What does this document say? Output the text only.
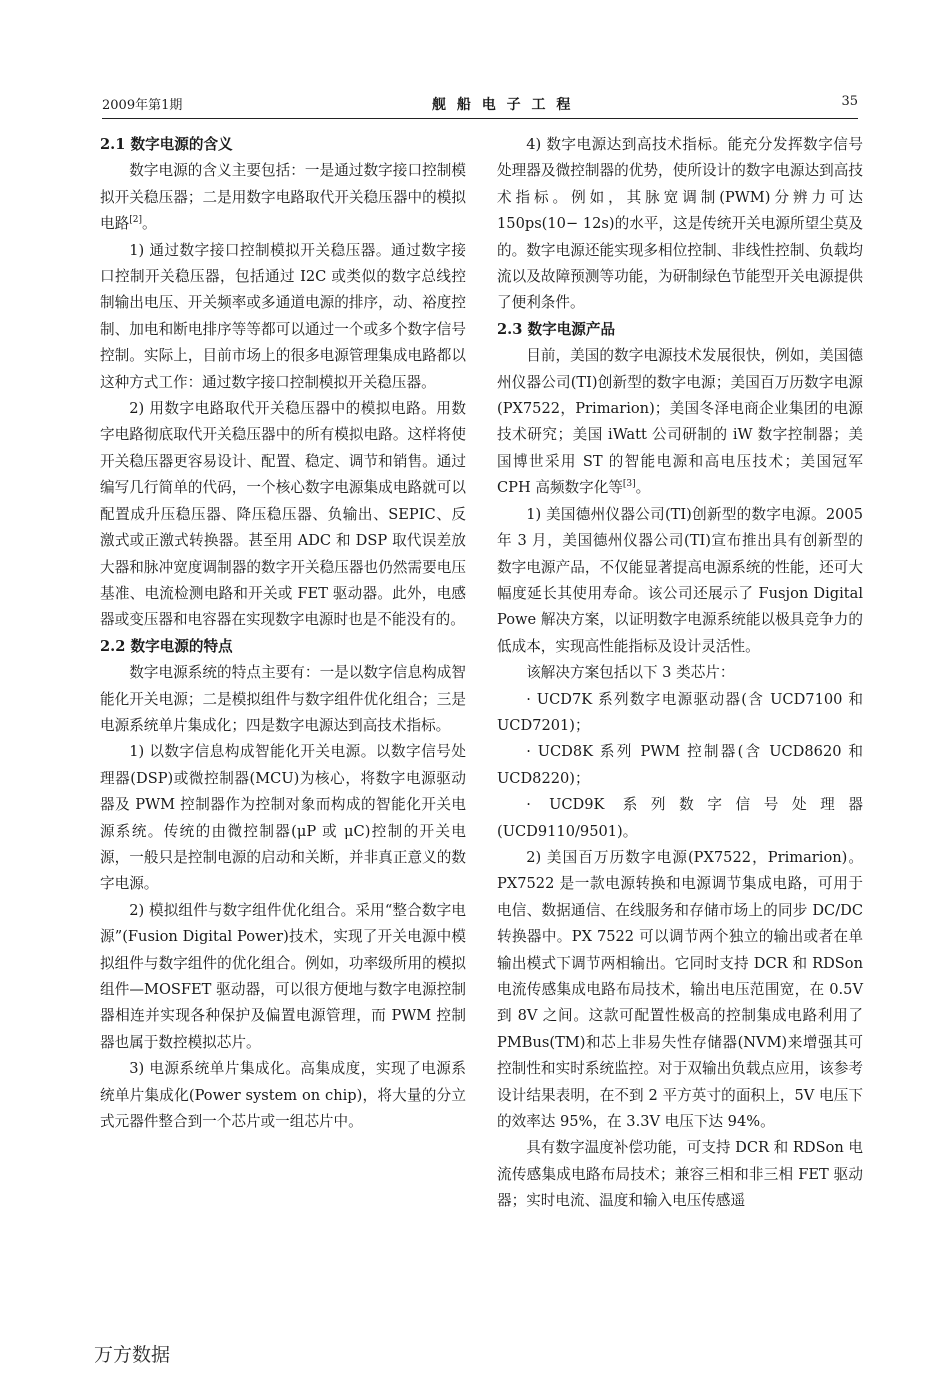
2009年第1期	舰 船 电 子 工 程	35

2.1 数字电源的含义

数字电源的含义主要包括：一是通过数字接口控制模拟开关稳压器；二是用数字电路取代开关稳压器中的模拟电路[2]。

1) 通过数字接口控制模拟开关稳压器。通过数字接口控制开关稳压器，包括通过 I2C 或类似的数字总线控制输出电压、开关频率或多通道电源的排序，动、裕度控制、加电和断电排序等等都可以通过一个或多个数字信号控制。实际上，目前市场上的很多电源管理集成电路都以这种方式工作：通过数字接口控制模拟开关稳压器。

2) 用数字电路取代开关稳压器中的模拟电路。用数字电路彻底取代开关稳压器中的所有模拟电路。这样将使开关稳压器更容易设计、配置、稳定、调节和销售。通过编写几行简单的代码，一个核心数字电源集成电路就可以配置成升压稳压器、降压稳压器、负输出、SEPIC、反激式或正激式转换器。甚至用 ADC 和 DSP 取代误差放大器和脉冲宽度调制器的数字开关稳压器也仍然需要电压基准、电流检测电路和开关或 FET 驱动器。此外，电感器或变压器和电容器在实现数字电源时也是不能没有的。

2.2 数字电源的特点

数字电源系统的特点主要有：一是以数字信息构成智能化开关电源；二是模拟组件与数字组件优化组合；三是电源系统单片集成化；四是数字电源达到高技术指标。

1) 以数字信息构成智能化开关电源。以数字信号处理器(DSP)或微控制器(MCU)为核心，将数字电源驱动器及 PWM 控制器作为控制对象而构成的智能化开关电源系统。传统的由微控制器(μP 或 μC)控制的开关电源，一般只是控制电源的启动和关断，并非真正意义的数字电源。

2) 模拟组件与数字组件优化组合。采用“整合数字电源”(Fusion Digital Power)技术，实现了开关电源中模拟组件与数字组件的优化组合。例如，功率级所用的模拟组件—MOSFET 驱动器，可以很方便地与数字电源控制器相连并实现各种保护及偏置电源管理，而 PWM 控制器也属于数控模拟芯片。

3) 电源系统单片集成化。高集成度，实现了电源系统单片集成化(Power system on chip)，将大量的分立式元器件整合到一个芯片或一组芯片中。

4) 数字电源达到高技术指标。能充分发挥数字信号处理器及微控制器的优势，使所设计的数字电源达到高技术指标。例如，其脉宽调制(PWM)分辨力可达 150ps(10− 12s)的水平，这是传统开关电源所望尘莫及的。数字电源还能实现多相位控制、非线性控制、负载均流以及故障预测等功能，为研制绿色节能型开关电源提供了便利条件。

2.3 数字电源产品

目前，美国的数字电源技术发展很快，例如，美国德州仪器公司(TI)创新型的数字电源；美国百万历数字电源(PX7522，Primarion)；美国冬泽电商企业集团的电源技术研究；美国 iWatt 公司研制的 iW 数字控制器；美国博世采用 ST 的智能电源和高电压技术；美国冠军 CPH 高频数字化等[3]。

1) 美国德州仪器公司(TI)创新型的数字电源。2005 年 3 月，美国德州仪器公司(TI)宣布推出具有创新型的数字电源产品，不仅能显著提高电源系统的性能，还可大幅度延长其使用寿命。该公司还展示了 Fusjon Digital Powe 解决方案，以证明数字电源系统能以极具竞争力的低成本，实现高性能指标及设计灵活性。

该解决方案包括以下 3 类芯片：

· UCD7K 系列数字电源驱动器(含 UCD7100 和 UCD7201)；

· UCD8K 系列 PWM 控制器(含 UCD8620 和 UCD8220)；

· UCD9K 系列数字信号处理器(UCD9110/9501)。

2) 美国百万历数字电源(PX7522，Primarion)。PX7522 是一款电源转换和电源调节集成电路，可用于电信、数据通信、在线服务和存储市场上的同步 DC/DC 转换器中。PX 7522 可以调节两个独立的输出或者在单输出模式下调节两相输出。它同时支持 DCR 和 RDSon 电流传感集成电路布局技术，输出电压范围宽，在 0.5V 到 8V 之间。这款可配置性极高的控制集成电路利用了 PMBus(TM)和芯上非易失性存储器(NVM)来增强其可控制性和实时系统监控。对于双输出负载点应用，该参考设计结果表明，在不到 2 平方英寸的面积上，5V 电压下的效率达 95%，在 3.3V 电压下达 94%。

具有数字温度补偿功能，可支持 DCR 和 RDSon 电流传感集成电路布局技术；兼容三相和非三相 FET 驱动器；实时电流、温度和输入电压传感遥

万方数据
